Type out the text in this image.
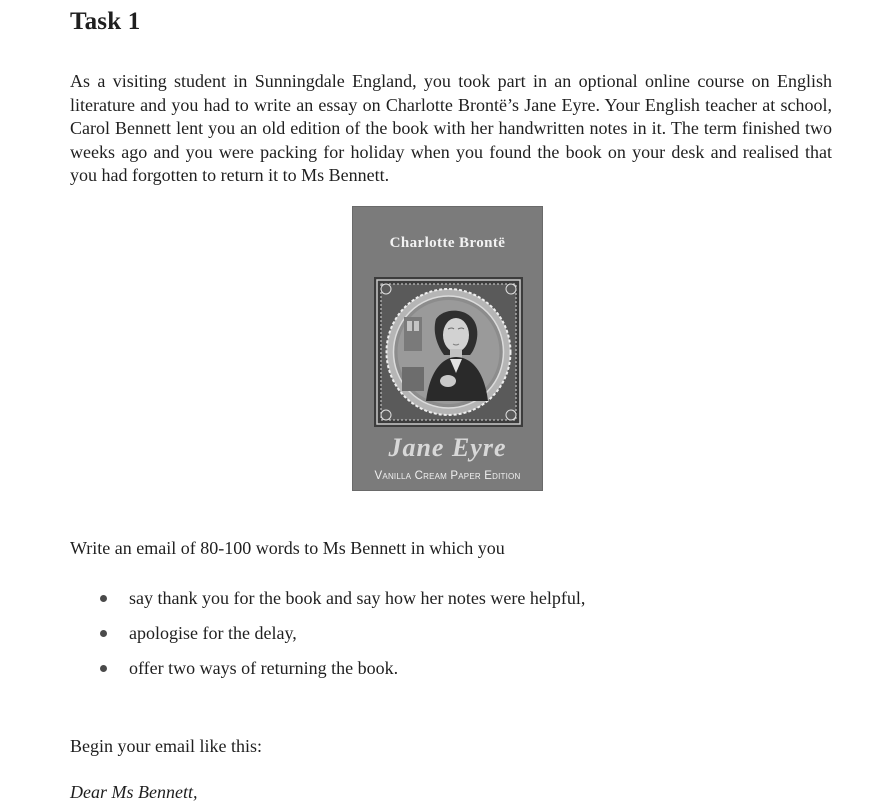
Task 1

As a visiting student in Sunningdale England, you took part in an optional online course on English literature and you had to write an essay on Charlotte Brontë’s Jane Eyre. Your English teacher at school, Carol Bennett lent you an old edition of the book with her handwritten notes in it. The term finished two weeks ago and you were packing for holiday when you found the book on your desk and realised that you had forgotten to return it to Ms Bennett.

Charlotte Brontë
Jane Eyre
Vanilla Cream Paper Edition
Write an email of 80-100 words to Ms Bennett in which you
say thank you for the book and say how her notes were helpful,
apologise for the delay,
offer two ways of returning the book.
Begin your email like this:
Dear Ms Bennett,
